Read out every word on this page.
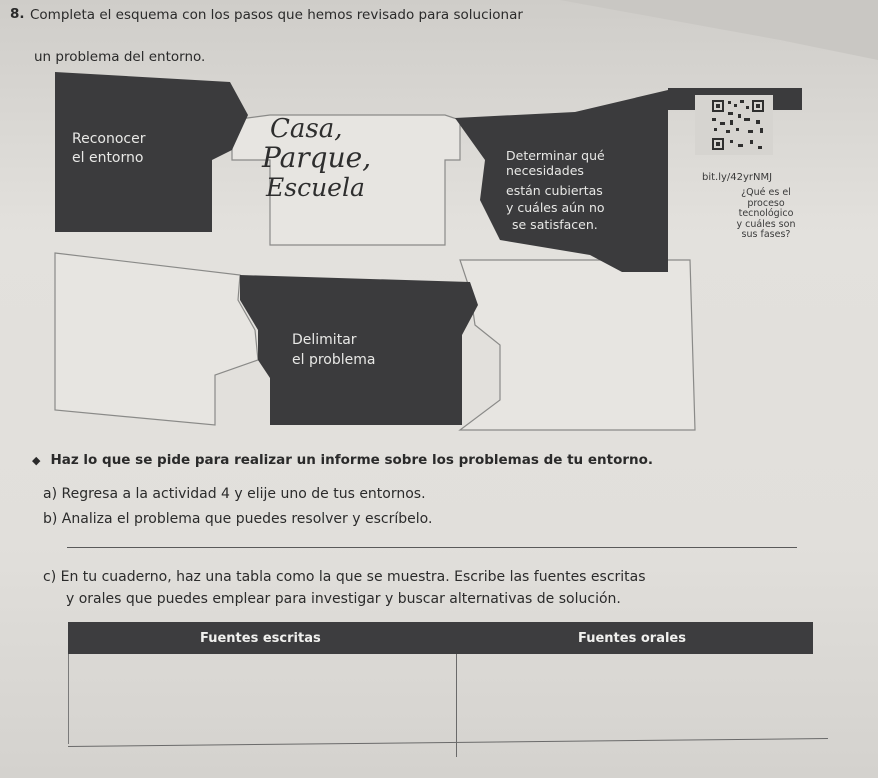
8. Completa el esquema con los pasos que hemos revisado para solucionar
un problema del entorno.
Reconocer
el entorno	Determinar qué
necesidades
están cubiertas
y cuáles aún no
se satisfacen.
Delimitar
el problema
Casa,
Parque,
Escuela	bit.ly/42yrNMJ
¿Qué es el
proceso
tecnológico
y cuáles son
sus fases?
◆ Haz lo que se pide para realizar un informe sobre los problemas de tu entorno.
a) Regresa a la actividad 4 y elije uno de tus entornos.
b) Analiza el problema que puedes resolver y escríbelo.
c) En tu cuaderno, haz una tabla como la que se muestra. Escribe las fuentes escritas
y orales que puedes emplear para investigar y buscar alternativas de solución.
Fuentes escritas	Fuentes orales
